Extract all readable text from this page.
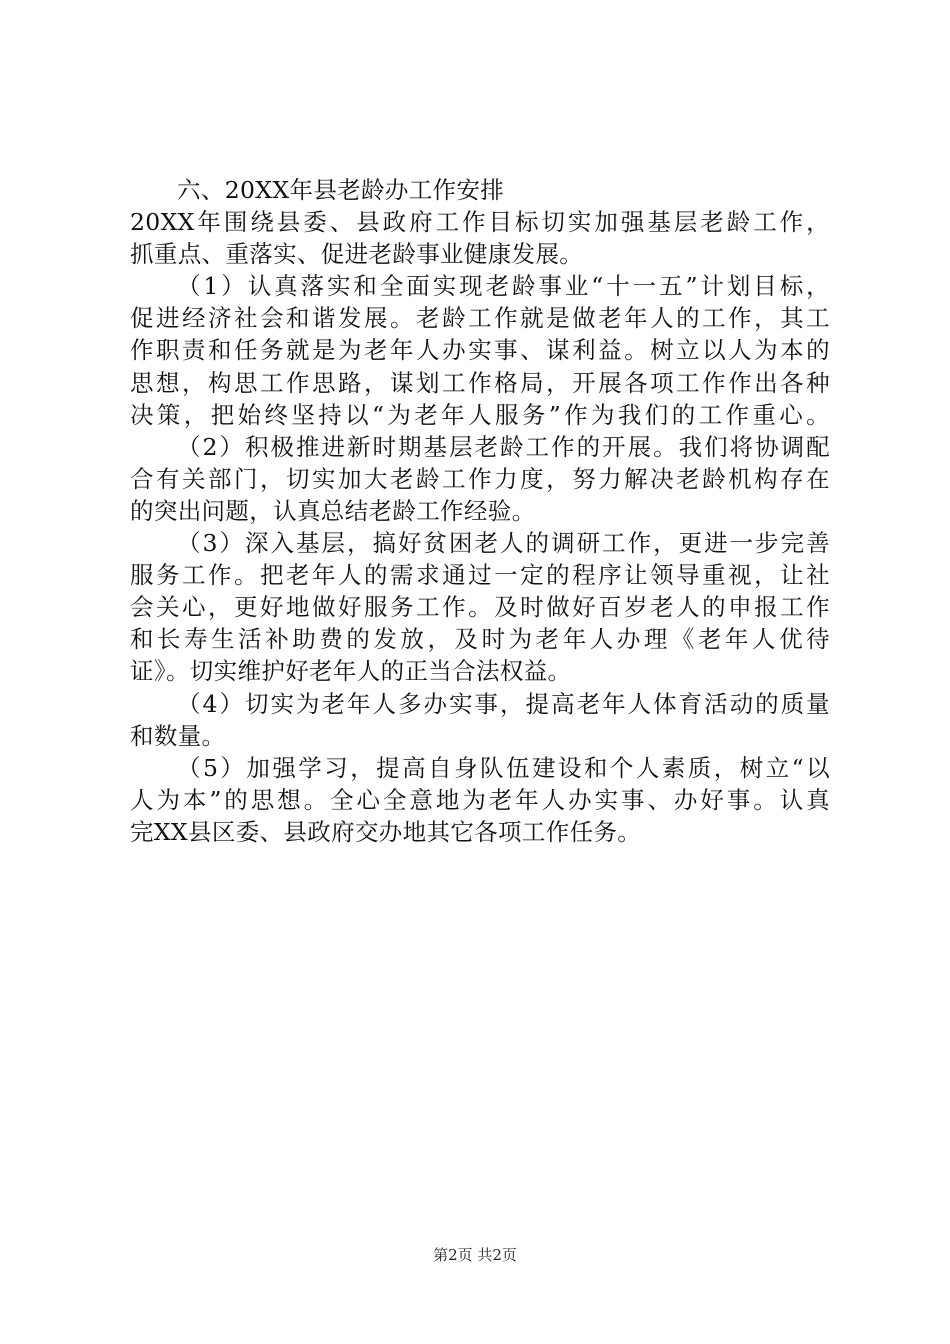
六、20XX年县老龄办工作安排
20XX年围绕县委、县政府工作目标切实加强基层老龄工作，
抓重点、重落实、促进老龄事业健康发展。
（1）认真落实和全面实现老龄事业“十一五”计划目标，
促进经济社会和谐发展。老龄工作就是做老年人的工作，其工
作职责和任务就是为老年人办实事、谋利益。树立以人为本的
思想，构思工作思路，谋划工作格局，开展各项工作作出各种
决策，把始终坚持以“为老年人服务”作为我们的工作重心。
（2）积极推进新时期基层老龄工作的开展。我们将协调配
合有关部门，切实加大老龄工作力度，努力解决老龄机构存在
的突出问题，认真总结老龄工作经验。
（3）深入基层，搞好贫困老人的调研工作，更进一步完善
服务工作。把老年人的需求通过一定的程序让领导重视，让社
会关心，更好地做好服务工作。及时做好百岁老人的申报工作
和长寿生活补助费的发放，及时为老年人办理《老年人优待
证》。切实维护好老年人的正当合法权益。
（4）切实为老年人多办实事，提高老年人体育活动的质量
和数量。
（5）加强学习，提高自身队伍建设和个人素质，树立“以
人为本”的思想。全心全意地为老年人办实事、办好事。认真
完XX县区委、县政府交办地其它各项工作任务。
第2页 共2页
